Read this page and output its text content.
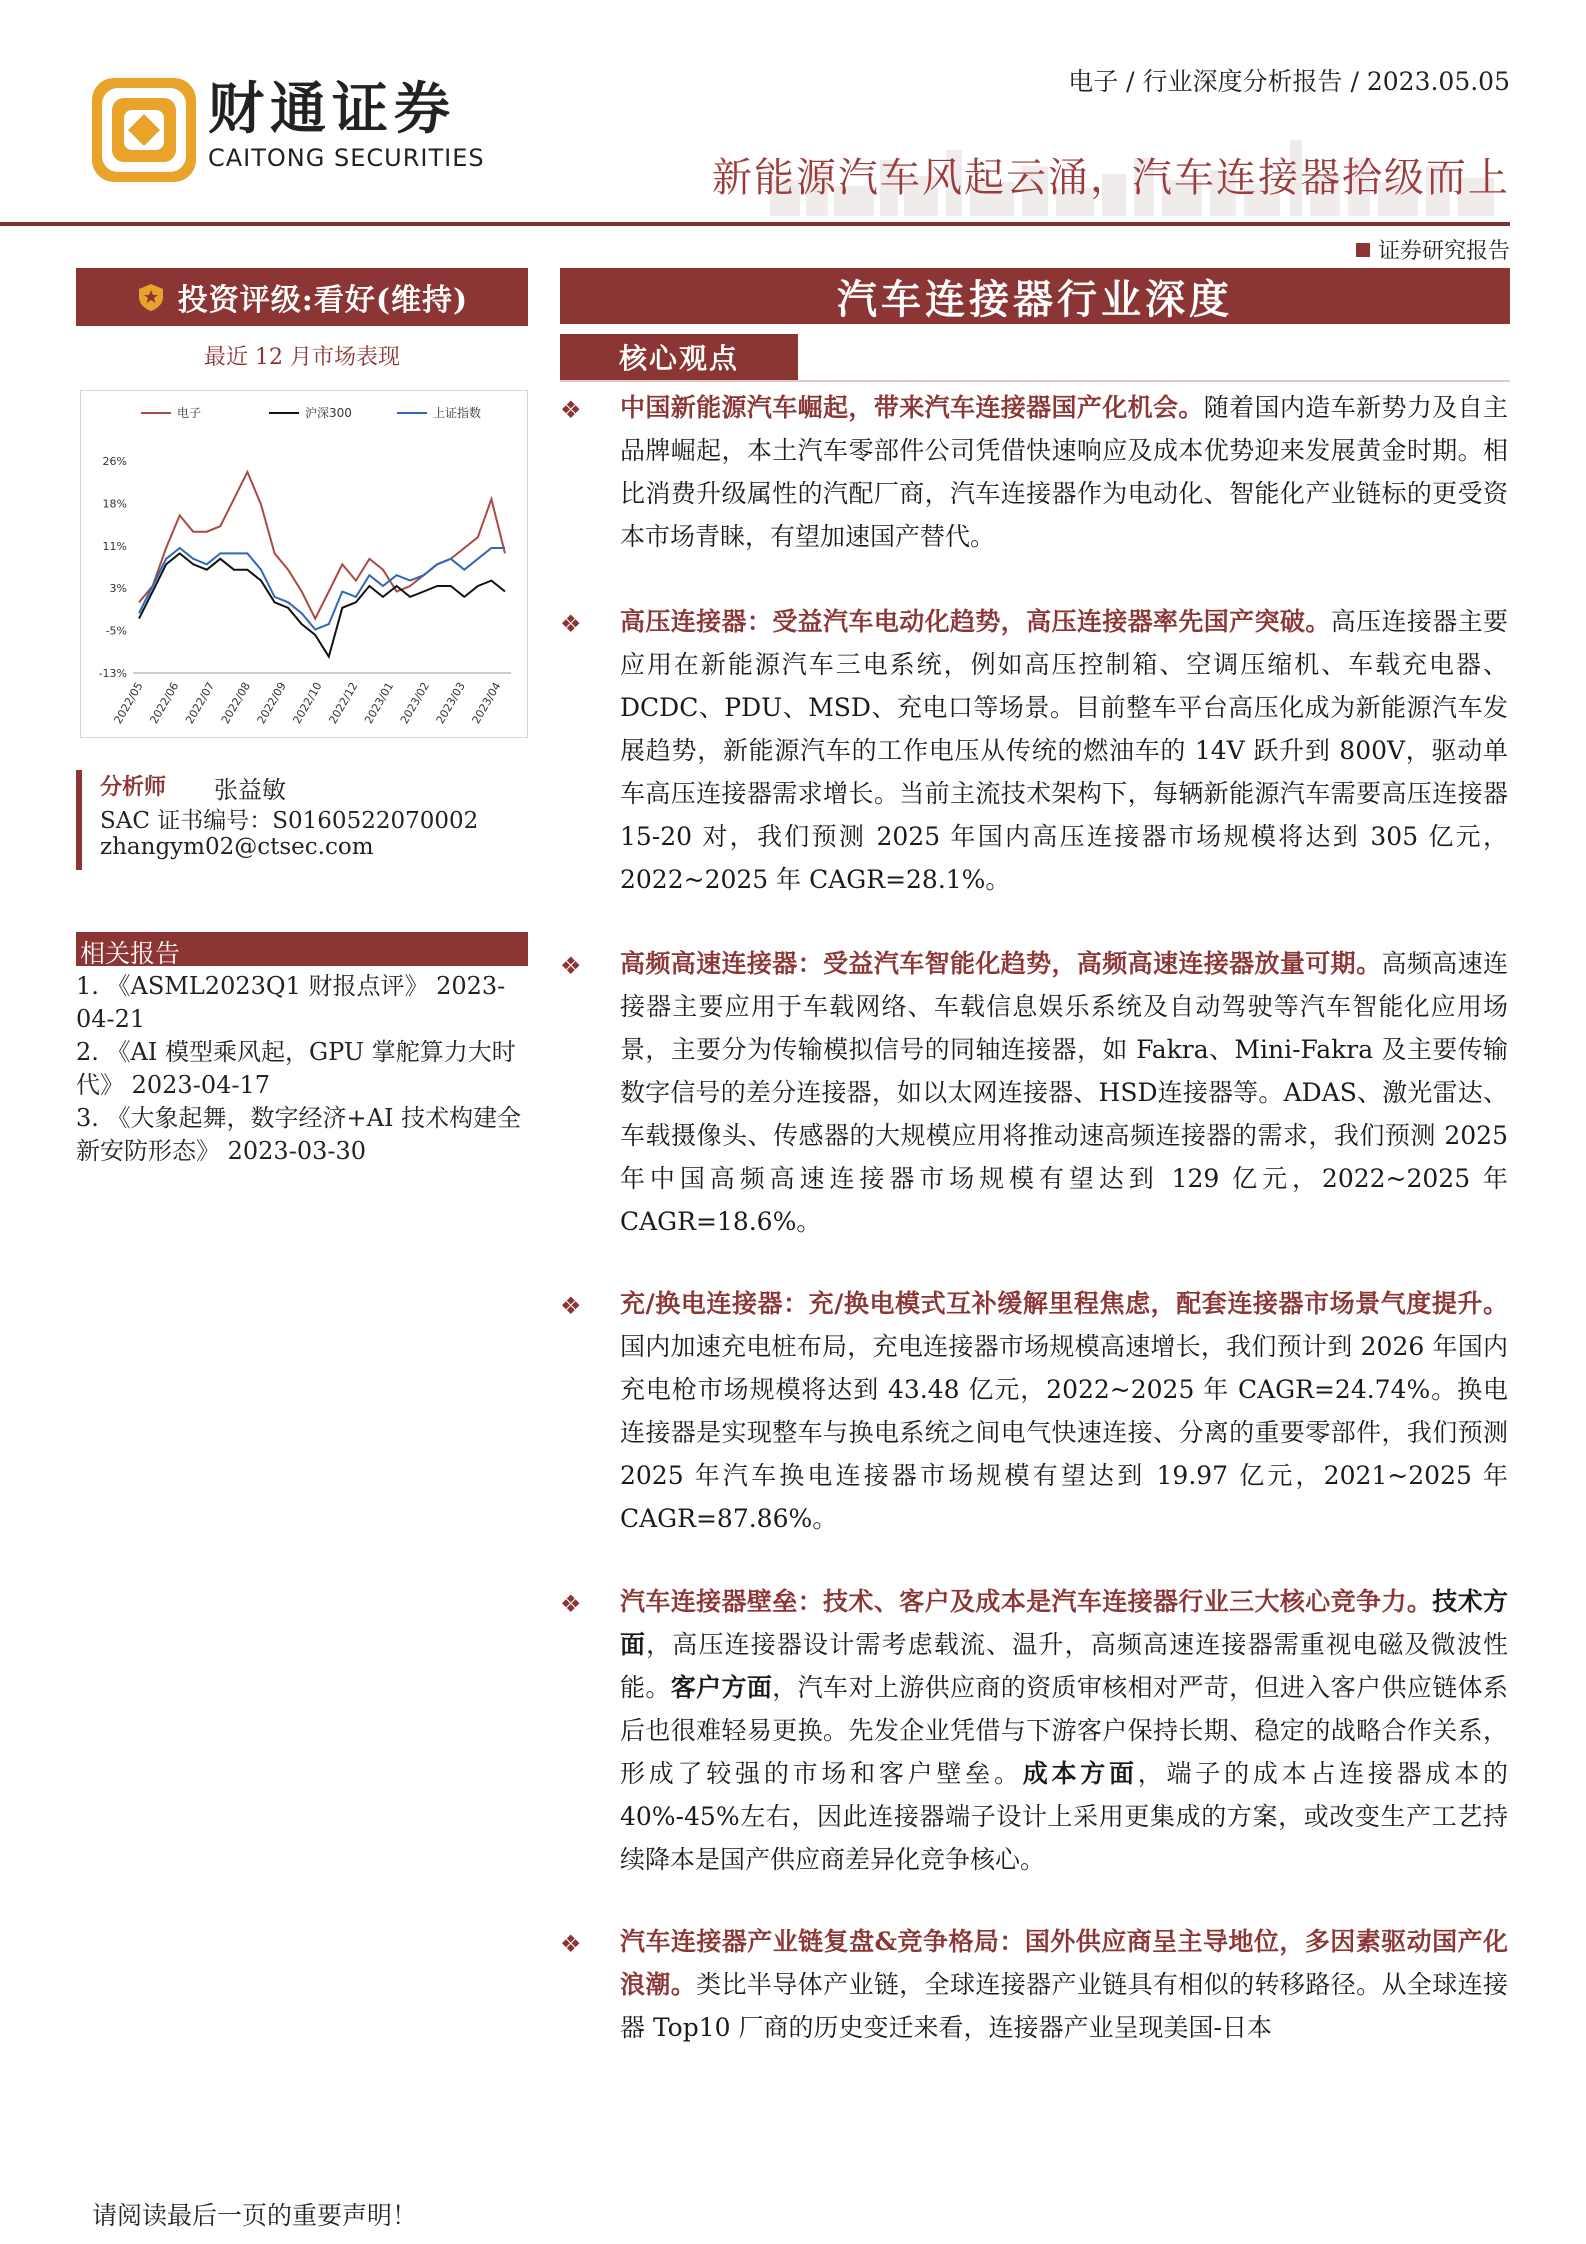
财通证券
CAITONG SECURITIES
电子 / 行业深度分析报告 / 2023.05.05
新能源汽车风起云涌，汽车连接器拾级而上
证券研究报告
投资评级:看好(维持)
最近 12 月市场表现
26%
18%
11%
3%
-5%
-13%
2022/05 2022/06 2022/07 2022/08 2022/09 2022/10 2022/12 2023/01 2023/02 2023/03 2023/04
电子	沪深300	上证指数
分析师 张益敏
SAC 证书编号：S0160522070002
zhangym02@ctsec.com
相关报告

1. 《ASML2023Q1 财报点评》 2023-04-21

2. 《AI 模型乘风起，GPU 掌舵算力大时代》 2023-04-17

3. 《大象起舞，数字经济+AI 技术构建全新安防形态》 2023-03-30

汽车连接器行业深度
核心观点
❖ 中国新能源汽车崛起，带来汽车连接器国产化机会。随着国内造车新势力及自主品牌崛起，本土汽车零部件公司凭借快速响应及成本优势迎来发展黄金时期。相比消费升级属性的汽配厂商，汽车连接器作为电动化、智能化产业链标的更受资本市场青睐，有望加速国产替代。
❖ 高压连接器：受益汽车电动化趋势，高压连接器率先国产突破。高压连接器主要应用在新能源汽车三电系统，例如高压控制箱、空调压缩机、车载充电器、DCDC、PDU、MSD、充电口等场景。目前整车平台高压化成为新能源汽车发展趋势，新能源汽车的工作电压从传统的燃油车的 14V 跃升到 800V，驱动单车高压连接器需求增长。当前主流技术架构下，每辆新能源汽车需要高压连接器 15-20 对，我们预测 2025 年国内高压连接器市场规模将达到 305 亿元，2022~2025 年 CAGR=28.1%。
❖ 高频高速连接器：受益汽车智能化趋势，高频高速连接器放量可期。高频高速连接器主要应用于车载网络、车载信息娱乐系统及自动驾驶等汽车智能化应用场景，主要分为传输模拟信号的同轴连接器，如 Fakra、Mini-Fakra 及主要传输数字信号的差分连接器，如以太网连接器、HSD连接器等。ADAS、激光雷达、车载摄像头、传感器的大规模应用将推动速高频连接器的需求，我们预测 2025 年中国高频高速连接器市场规模有望达到 129 亿元，2022~2025 年 CAGR=18.6%。
❖ 充/换电连接器：充/换电模式互补缓解里程焦虑，配套连接器市场景气度提升。国内加速充电桩布局，充电连接器市场规模高速增长，我们预计到 2026 年国内充电枪市场规模将达到 43.48 亿元，2022~2025 年 CAGR=24.74%。换电连接器是实现整车与换电系统之间电气快速连接、分离的重要零部件，我们预测 2025 年汽车换电连接器市场规模有望达到 19.97 亿元，2021~2025 年 CAGR=87.86%。
❖ 汽车连接器壁垒：技术、客户及成本是汽车连接器行业三大核心竞争力。技术方面，高压连接器设计需考虑载流、温升，高频高速连接器需重视电磁及微波性能。客户方面，汽车对上游供应商的资质审核相对严苛，但进入客户供应链体系后也很难轻易更换。先发企业凭借与下游客户保持长期、稳定的战略合作关系，形成了较强的市场和客户壁垒。成本方面，端子的成本占连接器成本的 40%-45%左右，因此连接器端子设计上采用更集成的方案，或改变生产工艺持续降本是国产供应商差异化竞争核心。
❖ 汽车连接器产业链复盘&竞争格局：国外供应商呈主导地位，多因素驱动国产化浪潮。类比半导体产业链，全球连接器产业链具有相似的转移路径。从全球连接器 Top10 厂商的历史变迁来看，连接器产业呈现美国-日本
请阅读最后一页的重要声明！
